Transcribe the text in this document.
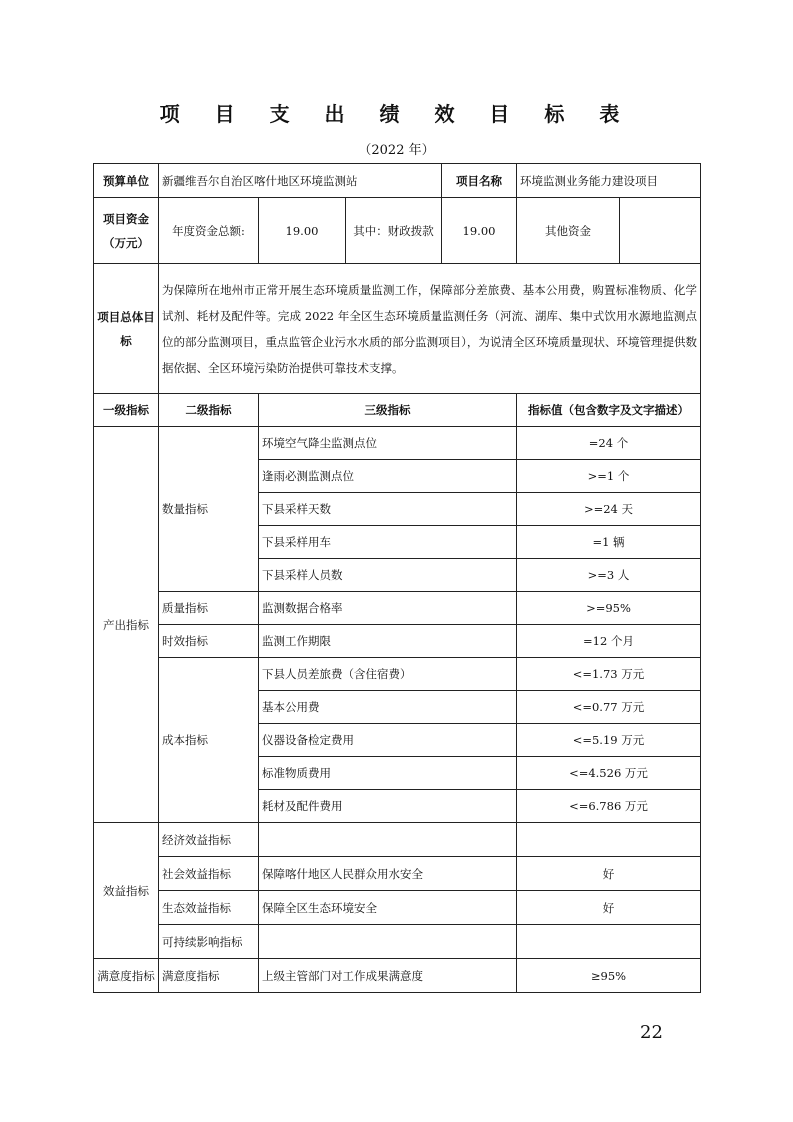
项 目 支 出 绩 效 目 标 表
（2022 年）
预算单位	新疆维吾尔自治区喀什地区环境监测站			项目名称	环境监测业务能力建设项目	

项目资金
（万元）	年度资金总额:	19.00	其中：财政拨款	19.00	其他资金	

项目总体目
标	为保障所在地州市正常开展生态环境质量监测工作，保障部分差旅费、基本公用费，购置标准物质、化学试剂、耗材及配件等。完成 2022 年全区生态环境质量监测任务（河流、湖库、集中式饮用水源地监测点位的部分监测项目，重点监管企业污水水质的部分监测项目），为说清全区环境质量现状、环境管理提供数据依据、全区环境污染防治提供可靠技术支撑。					
一级指标	二级指标	三级指标			指标值（包含数字及文字描述）	
产出指标	数量指标	环境空气降尘监测点位			=24 个	
		逢雨必测监测点位			>=1 个	
		下县采样天数			>=24 天	
		下县采样用车			=1 辆	
		下县采样人员数			>=3 人	
	质量指标	监测数据合格率			>=95%	
	时效指标	监测工作期限			=12 个月	
	成本指标	下县人员差旅费（含住宿费）			<=1.73 万元	
		基本公用费			<=0.77 万元	
		仪器设备检定费用			<=5.19 万元	
		标准物质费用			<=4.526 万元	
		耗材及配件费用			<=6.786 万元	
效益指标	经济效益指标					
	社会效益指标	保障喀什地区人民群众用水安全			好	
	生态效益指标	保障全区生态环境安全			好	
	可持续影响指标					
满意度指标	满意度指标	上级主管部门对工作成果满意度			≥95%	
22
